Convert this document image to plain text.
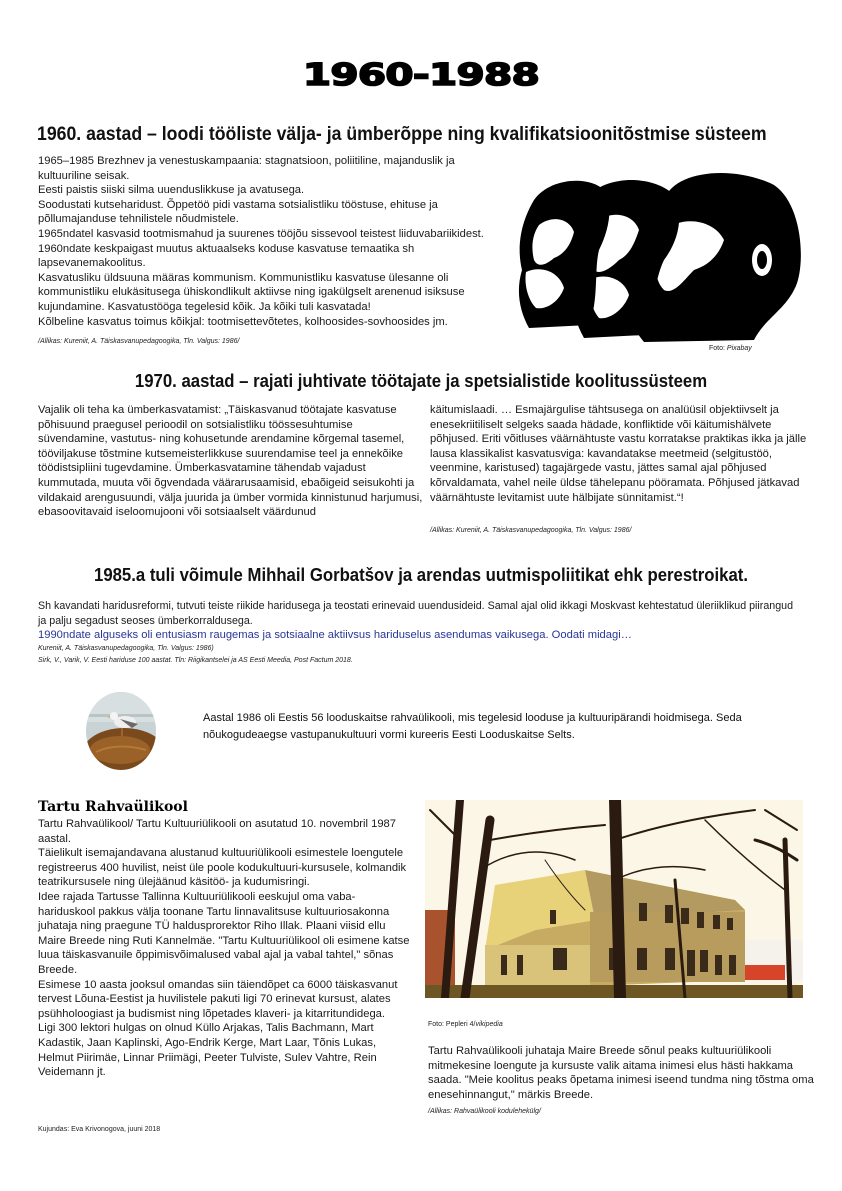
1960-1988
1960. aastad – loodi tööliste välja- ja ümberõppe ning kvalifikatsioonitõstmise süsteem

1965–1985 Brezhnev ja venestuskampaania: stagnatsioon, poliitiline, majanduslik ja kultuuriline seisak.

Eesti paistis siiski silma uuenduslikkuse ja avatusega.

Soodustati kutseharidust. Õppetöö pidi vastama sotsialistliku tööstuse, ehituse ja põllumajanduse tehnilistele nõudmistele.

1965ndatel kasvasid tootmismahud ja suurenes tööjõu sissevool teistest liiduvabariikidest.

1960ndate keskpaigast muutus aktuaalseks koduse kasvatuse temaatika sh lapsevanemakoolitus.

Kasvatusliku üldsuuna määras kommunism. Kommunistliku kasvatuse ülesanne oli kommunistliku elukäsitusega ühiskondlikult aktiivse ning igakülgselt arenenud isiksuse kujundamine. Kasvatustööga tegelesid kõik. Ja kõiki tuli kasvatada!

Kõlbeline kasvatus toimus kõikjal: tootmisettevõtetes, kolhoosides-sovhoosides jm.

/Allikas: Kureniit, A. Täiskasvanupedagoogika, Tln. Valgus: 1986/
Foto: Pixabay
1970. aastad – rajati juhtivate töötajate ja spetsialistide koolitussüsteem
Vajalik oli teha ka ümberkasvatamist: „Täiskasvanud töötajate kasvatuse põhisuund praegusel perioodil on sotsialistliku töössesuhtumise süvendamine, vastutus- ning kohusetunde arendamine kõrgemal tasemel, tööviljakuse tõstmine kutsemeisterlikkuse suurendamise teel ja ennekõike töödistsipliini tugevdamine. Ümberkasvatamine tähendab vajadust kummutada, muuta või õgvendada väärarusaamisid, ebaõigeid seisukohti ja vildakaid arengusuundi, välja juurida ja ümber vormida kinnistunud harjumusi, ebasoovitavaid iseloomujooni või sotsiaalselt väärdunud
käitumislaadi. … Esmajärgulise tähtsusega on analüüsil objektiivselt ja enesekriitiliselt selgeks saada hädade, konfliktide või käitumishälvete põhjused. Eriti võitluses väärnähtuste vastu korratakse praktikas ikka ja jälle lausa klassikalist kasvatusviga: kavandatakse meetmeid (selgitustöö, veenmine, karistused) tagajärgede vastu, jättes samal ajal põhjused kõrvaldamata, vahel neile üldse tähelepanu pööramata. Põhjused jätkavad väärnähtuste levitamist uute hälbijate sünnitamist.“!
/Allikas: Kureniit, A. Täiskasvanupedagoogika, Tln. Valgus: 1986/
1985.a tuli võimule Mihhail Gorbatšov ja arendas uutmispoliitikat ehk perestroikat.
Sh kavandati haridusreformi, tutvuti teiste riikide haridusega ja teostati erinevaid uuendusideid. Samal ajal olid ikkagi Moskvast kehtestatud üleriiklikud piirangud ja palju segadust seoses ümberkorraldusega.
1990ndate alguseks oli entusiasm raugemas ja sotsiaalne aktiivsus hariduselus asendumas vaikusega. Oodati midagi…
Kureniit, A. Täiskasvanupedagoogika, Tln. Valgus: 1986)
Sirk, V., Varik, V. Eesti hariduse 100 aastat. Tln: Riigikantselei ja AS Eesti Meedia, Post Factum 2018.
Aastal 1986 oli Eestis 56 looduskaitse rahvaülikooli, mis tegelesid looduse ja kultuuripärandi hoidmisega. Seda nõukogudeaegse vastupanukultuuri vormi kureeris Eesti Looduskaitse Selts.
Tartu Rahvaülikool

Tartu Rahvaülikool/ Tartu Kultuuriülikooli on asutatud 10. novembril 1987 aastal.

Täielikult isemajandavana alustanud kultuuriülikooli esimestele loengutele registreerus 400 huvilist, neist üle poole kodukultuuri-kursusele, kolmandik teatrikursusele ning ülejäänud käsitöö- ja kudumisringi.

Idee rajada Tartusse Tallinna Kultuuriülikooli eeskujul oma vaba-hariduskool pakkus välja toonane Tartu linnavalitsuse kultuuriosakonna juhataja ning praegune TÜ haldusprorektor Riho Illak. Plaani viisid ellu Maire Breede ning Ruti Kannelmäe. "Tartu Kultuuriülikool oli esimene katse luua täiskasvanuile õppimisvõimalused vabal ajal ja vabal tahtel," sõnas Breede.

Esimese 10 aasta jooksul omandas siin täiendõpet ca 6000 täiskasvanut tervest Lõuna-Eestist ja huvilistele pakuti ligi 70 erinevat kursust, alates psühholoogiast ja budismist ning lõpetades klaveri- ja kitarritundidega.

Ligi 300 lektori hulgas on olnud Küllo Arjakas, Talis Bachmann, Mart Kadastik, Jaan Kaplinski, Ago-Endrik Kerge, Mart Laar, Tõnis Lukas, Helmut Piirimäe, Linnar Priimägi, Peeter Tulviste, Sulev Vahtre, Rein Veidemann jt.

Kujundas: Eva Krivonogova, juuni 2018
Foto: Pepleri 4/vikipedia
Tartu Rahvaülikooli juhataja Maire Breede sõnul peaks kultuuriülikooli mitmekesine loengute ja kursuste valik aitama inimesi elus hästi hakkama saada. "Meie koolitus peaks õpetama inimesi iseend tundma ning tõstma oma enesehinnangut," märkis Breede.
/Allikas: Rahvaülikooli kodulehekülg/
